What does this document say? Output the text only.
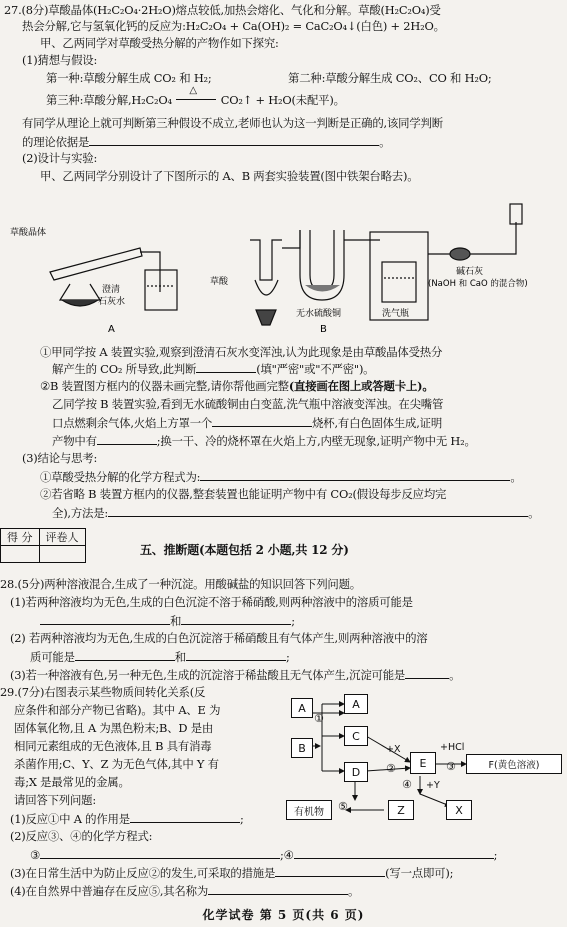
27.(8分)草酸晶体(H₂C₂O₄·2H₂O)熔点较低,加热会熔化、气化和分解。草酸(H₂C₂O₄)受
热会分解,它与氢氧化钙的反应为:H₂C₂O₄ + Ca(OH)₂ = CaC₂O₄↓(白色) + 2H₂O。
甲、乙两同学对草酸受热分解的产物作如下探究:
(1)猜想与假设:
第一种:草酸分解生成 CO₂ 和 H₂;	第二种:草酸分解生成 CO₂、CO 和 H₂O;
第三种:草酸分解,H₂C₂O₄
△
CO₂↑ + H₂O(未配平)。
有同学从理论上就可判断第三种假设不成立,老师也认为这一判断是正确的,该同学判断
的理论依据是	。
(2)设计与实验:
甲、乙两同学分别设计了下图所示的 A、B 两套实验装置(图中铁架台略去)。
草酸晶体
澄清
石灰水
A
草酸
无水硫酸铜
B
洗气瓶
碱石灰
(NaOH 和 CaO 的混合物)
①甲同学按 A 装置实验,观察到澄清石灰水变浑浊,认为此现象是由草酸晶体受热分
解产生的 CO₂ 所导致,此判断	(填"严密"或"不严密")。
②B 装置图方框内的仪器未画完整,请你帮他画完整(直接画在图上或答题卡上)。
乙同学按 B 装置实验,看到无水硫酸铜由白变蓝,洗气瓶中溶液变浑浊。在尖嘴管
口点燃剩余气体,火焰上方罩一个	烧杯,有白色固体生成,证明
产物中有	;换一干、冷的烧杯罩在火焰上方,内壁无现象,证明产物中无 H₂。
(3)结论与思考:
①草酸受热分解的化学方程式为:	。
②若省略 B 装置方框内的仪器,整套装置也能证明产物中有 CO₂(假设每步反应均完
全),方法是:	。
得 分	评卷人

五、推断题(本题包括 2 小题,共 12 分)
28.(5分)两种溶液混合,生成了一种沉淀。用酸碱盐的知识回答下列问题。
(1)若两种溶液均为无色,生成的白色沉淀不溶于稀硝酸,则两种溶液中的溶质可能是
和	;
(2) 若两种溶液均为无色,生成的白色沉淀溶于稀硝酸且有气体产生,则两种溶液中的溶
质可能是	和	;
(3)若一种溶液有色,另一种无色,生成的沉淀溶于稀盐酸且无气体产生,沉淀可能是	。
29.(7分)右图表示某些物质间转化关系(反
应条件和部分产物已省略)。其中 A、E 为
固体氧化物,且 A 为黑色粉末;B、D 是由
相同元素组成的无色液体,且 B 具有消毒
杀菌作用;C、Y、Z 为无色气体,其中 Y 有
毒;X 是最常见的金属。
请回答下列问题:
(1)反应①中 A 的作用是	;
(2)反应③、④的化学方程式:
③	;④	;
(3)在日常生活中为防止反应②的发生,可采取的措施是	(写一点即可);
(4)在自然界中普遍存在反应⑤,其名称为	。
A
B
A
C
D
E	F(黄色溶液)
Z	X
有机物
①
+X
②
+HCl
③
④ +Y
⑤
化学试卷 第 5 页(共 6 页)
